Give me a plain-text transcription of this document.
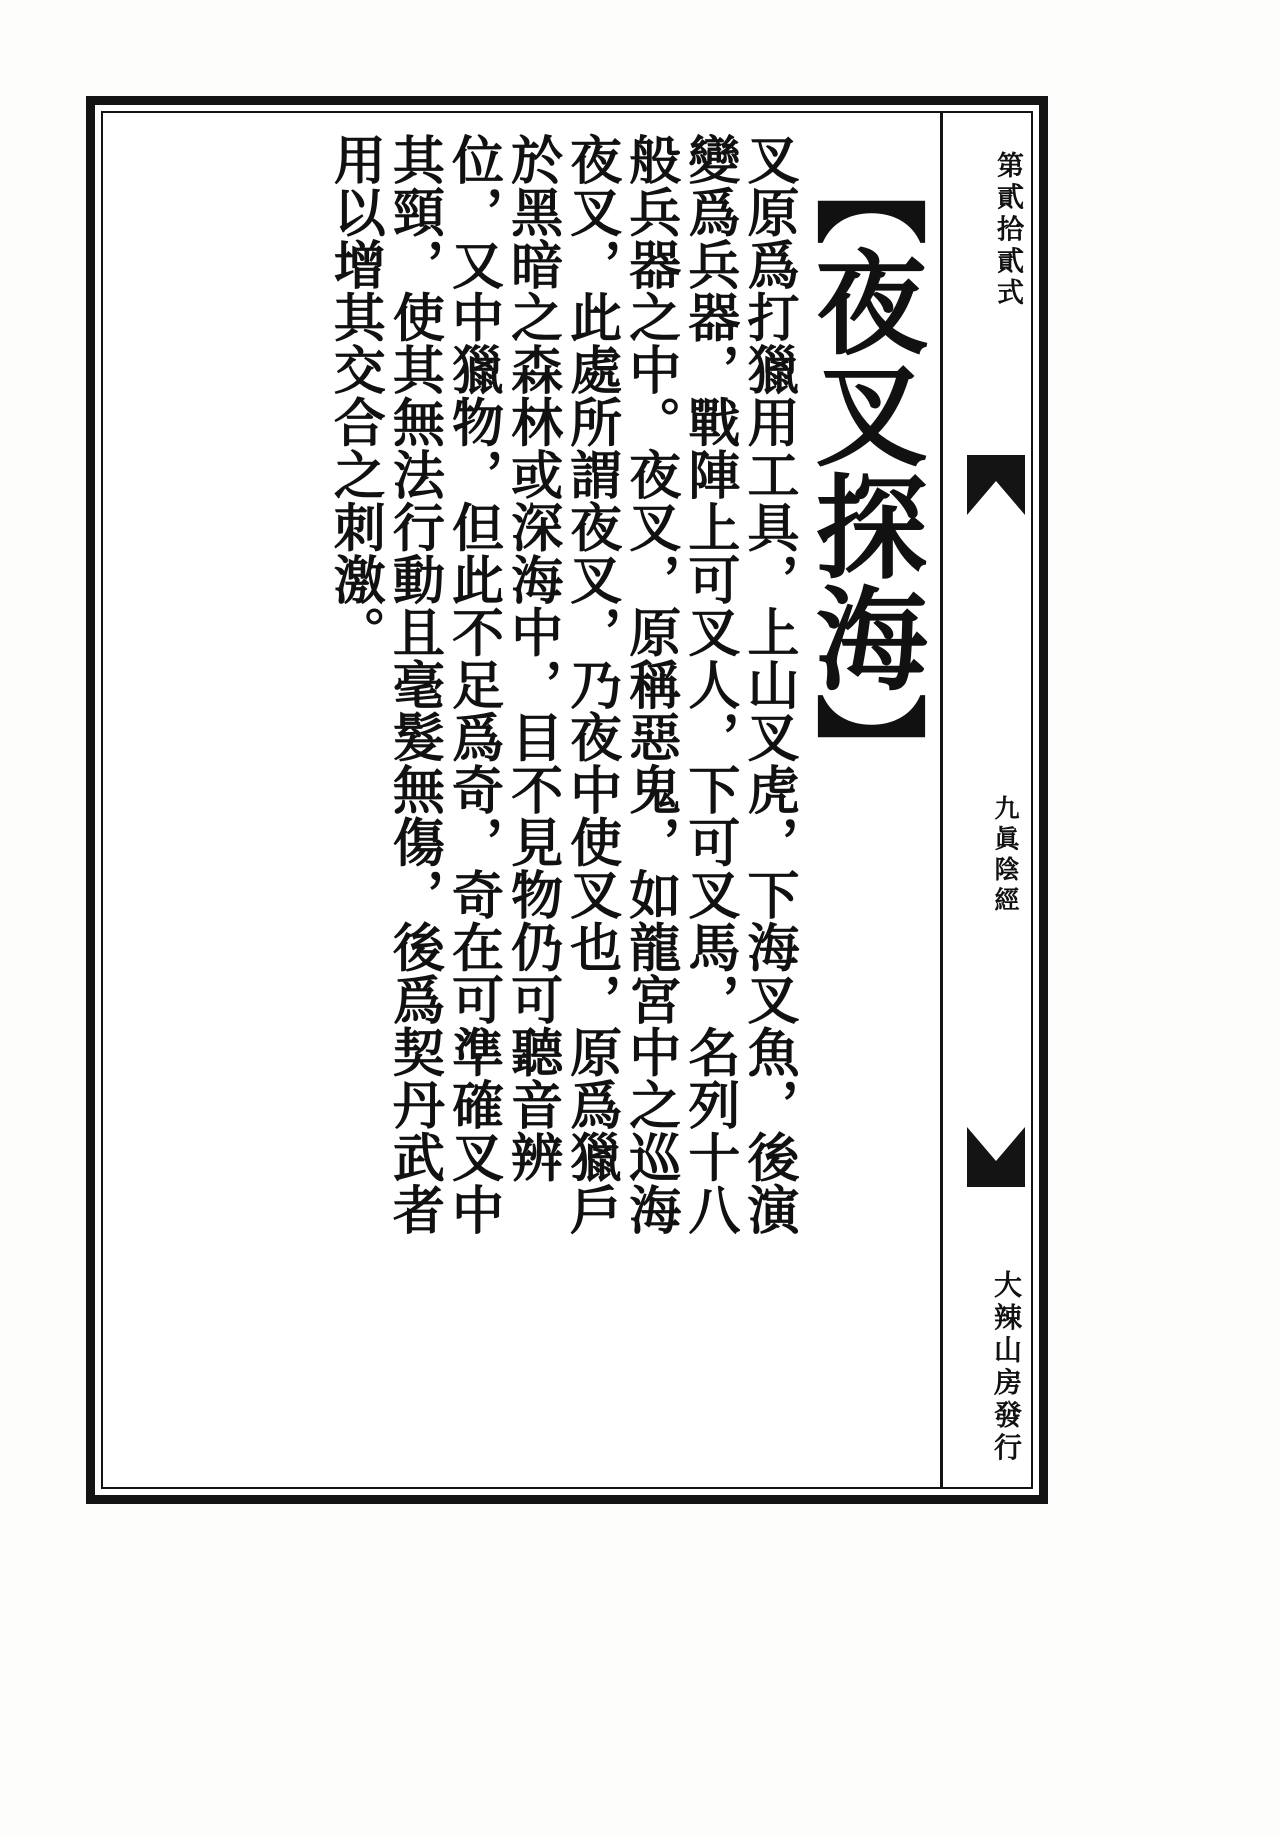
第貳拾貳式
九眞陰經
大辣山房發行
【夜叉探海】
叉原爲打獵用工具，上山叉虎，下海叉魚，後演
變爲兵器，戰陣上可叉人，下可叉馬，名列十八
般兵器之中。夜叉，原稱惡鬼，如龍宮中之巡海
夜叉，此處所謂夜叉，乃夜中使叉也，原爲獵戶
於黑暗之森林或深海中，目不見物仍可聽音辨
位，又中獵物，但此不足爲奇，奇在可準確叉中
其頸，使其無法行動且毫髮無傷，後爲契丹武者
用以增其交合之刺激。
